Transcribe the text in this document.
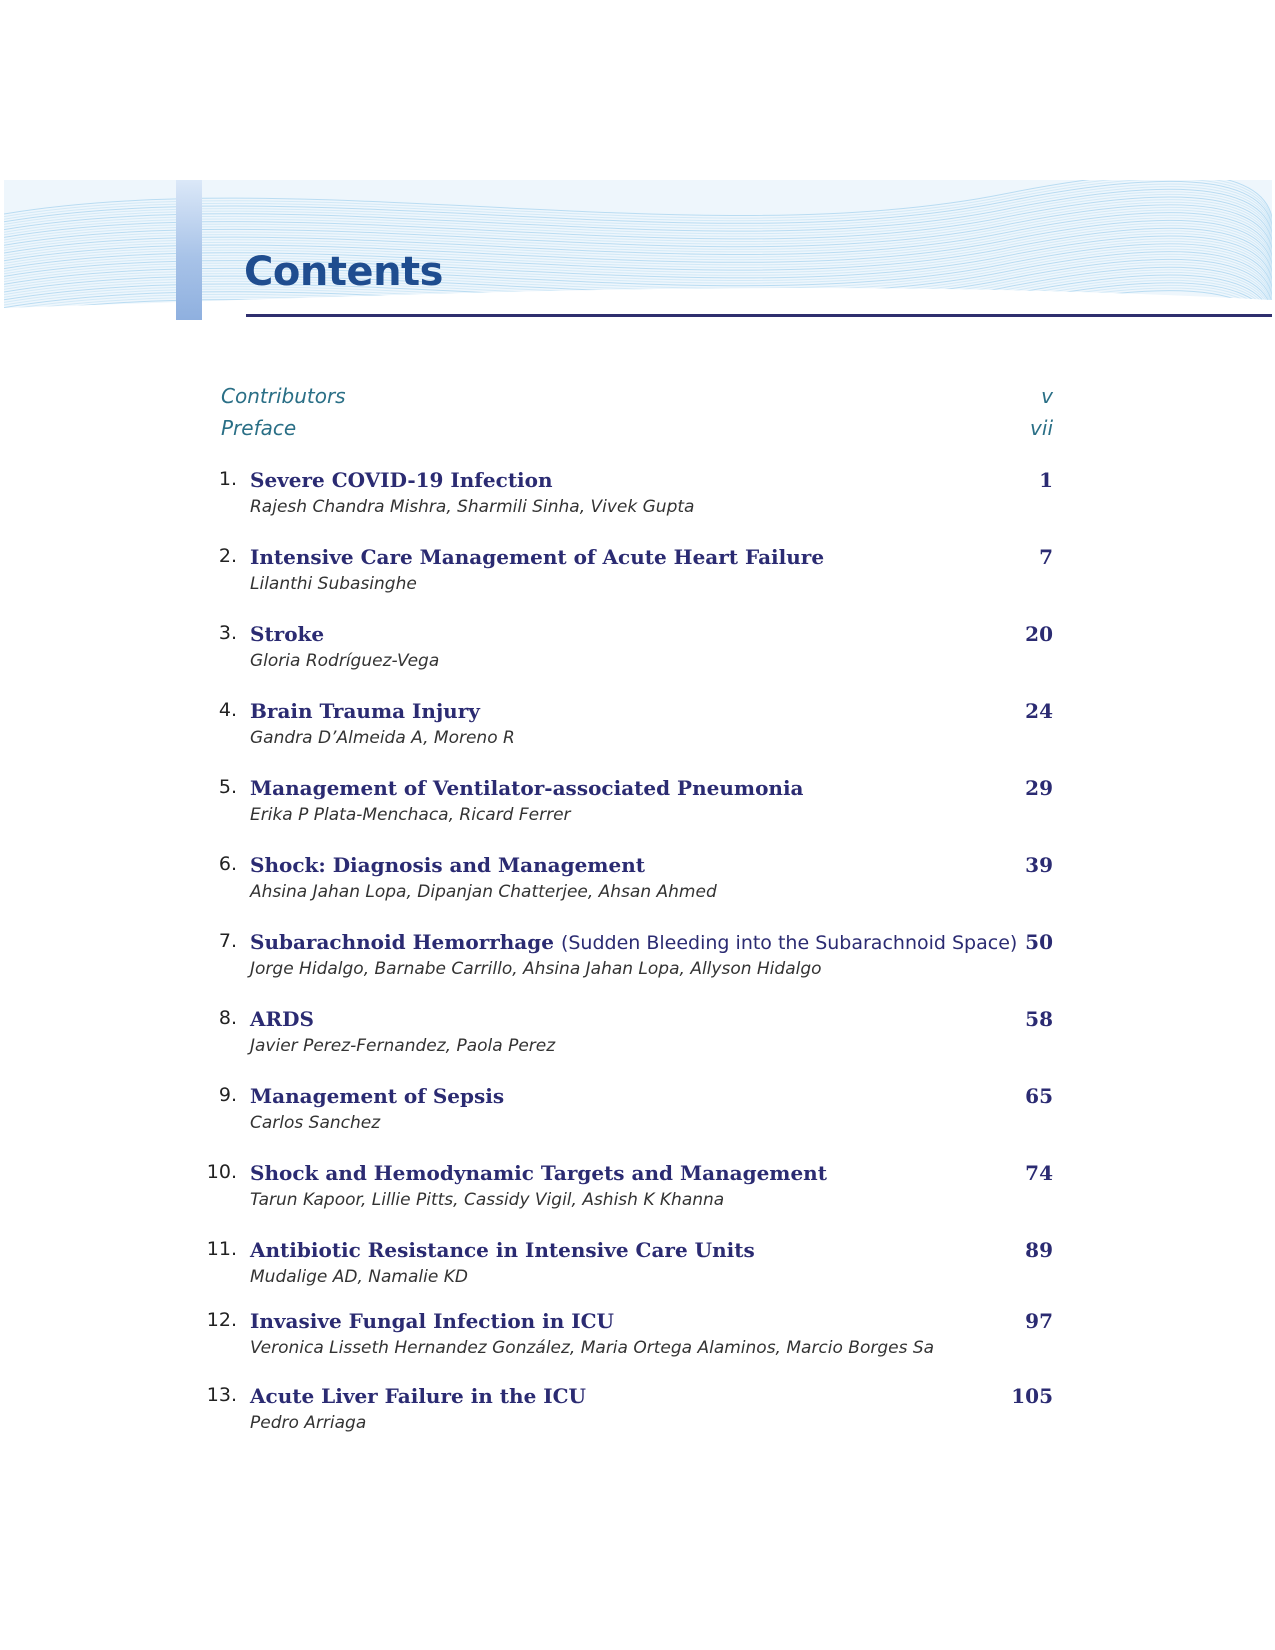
Contents
Contributors	v
Preface	vii
1. Severe COVID-19 Infection
Rajesh Chandra Mishra, Sharmili Sinha, Vivek Gupta
1
2. Intensive Care Management of Acute Heart Failure
Lilanthi Subasinghe
7
3. Stroke
Gloria Rodríguez-Vega
20
4. Brain Trauma Injury
Gandra D’Almeida A, Moreno R
24
5. Management of Ventilator-associated Pneumonia
Erika P Plata-Menchaca, Ricard Ferrer
29
6. Shock: Diagnosis and Management
Ahsina Jahan Lopa, Dipanjan Chatterjee, Ahsan Ahmed
39
7. Subarachnoid Hemorrhage (Sudden Bleeding into the Subarachnoid Space)
Jorge Hidalgo, Barnabe Carrillo, Ahsina Jahan Lopa, Allyson Hidalgo
50
8. ARDS
Javier Perez-Fernandez, Paola Perez
58
9. Management of Sepsis
Carlos Sanchez
65
10. Shock and Hemodynamic Targets and Management
Tarun Kapoor, Lillie Pitts, Cassidy Vigil, Ashish K Khanna
74
11. Antibiotic Resistance in Intensive Care Units
Mudalige AD, Namalie KD
89
12. Invasive Fungal Infection in ICU
Veronica Lisseth Hernandez González, Maria Ortega Alaminos, Marcio Borges Sa
97
13. Acute Liver Failure in the ICU
Pedro Arriaga
105
